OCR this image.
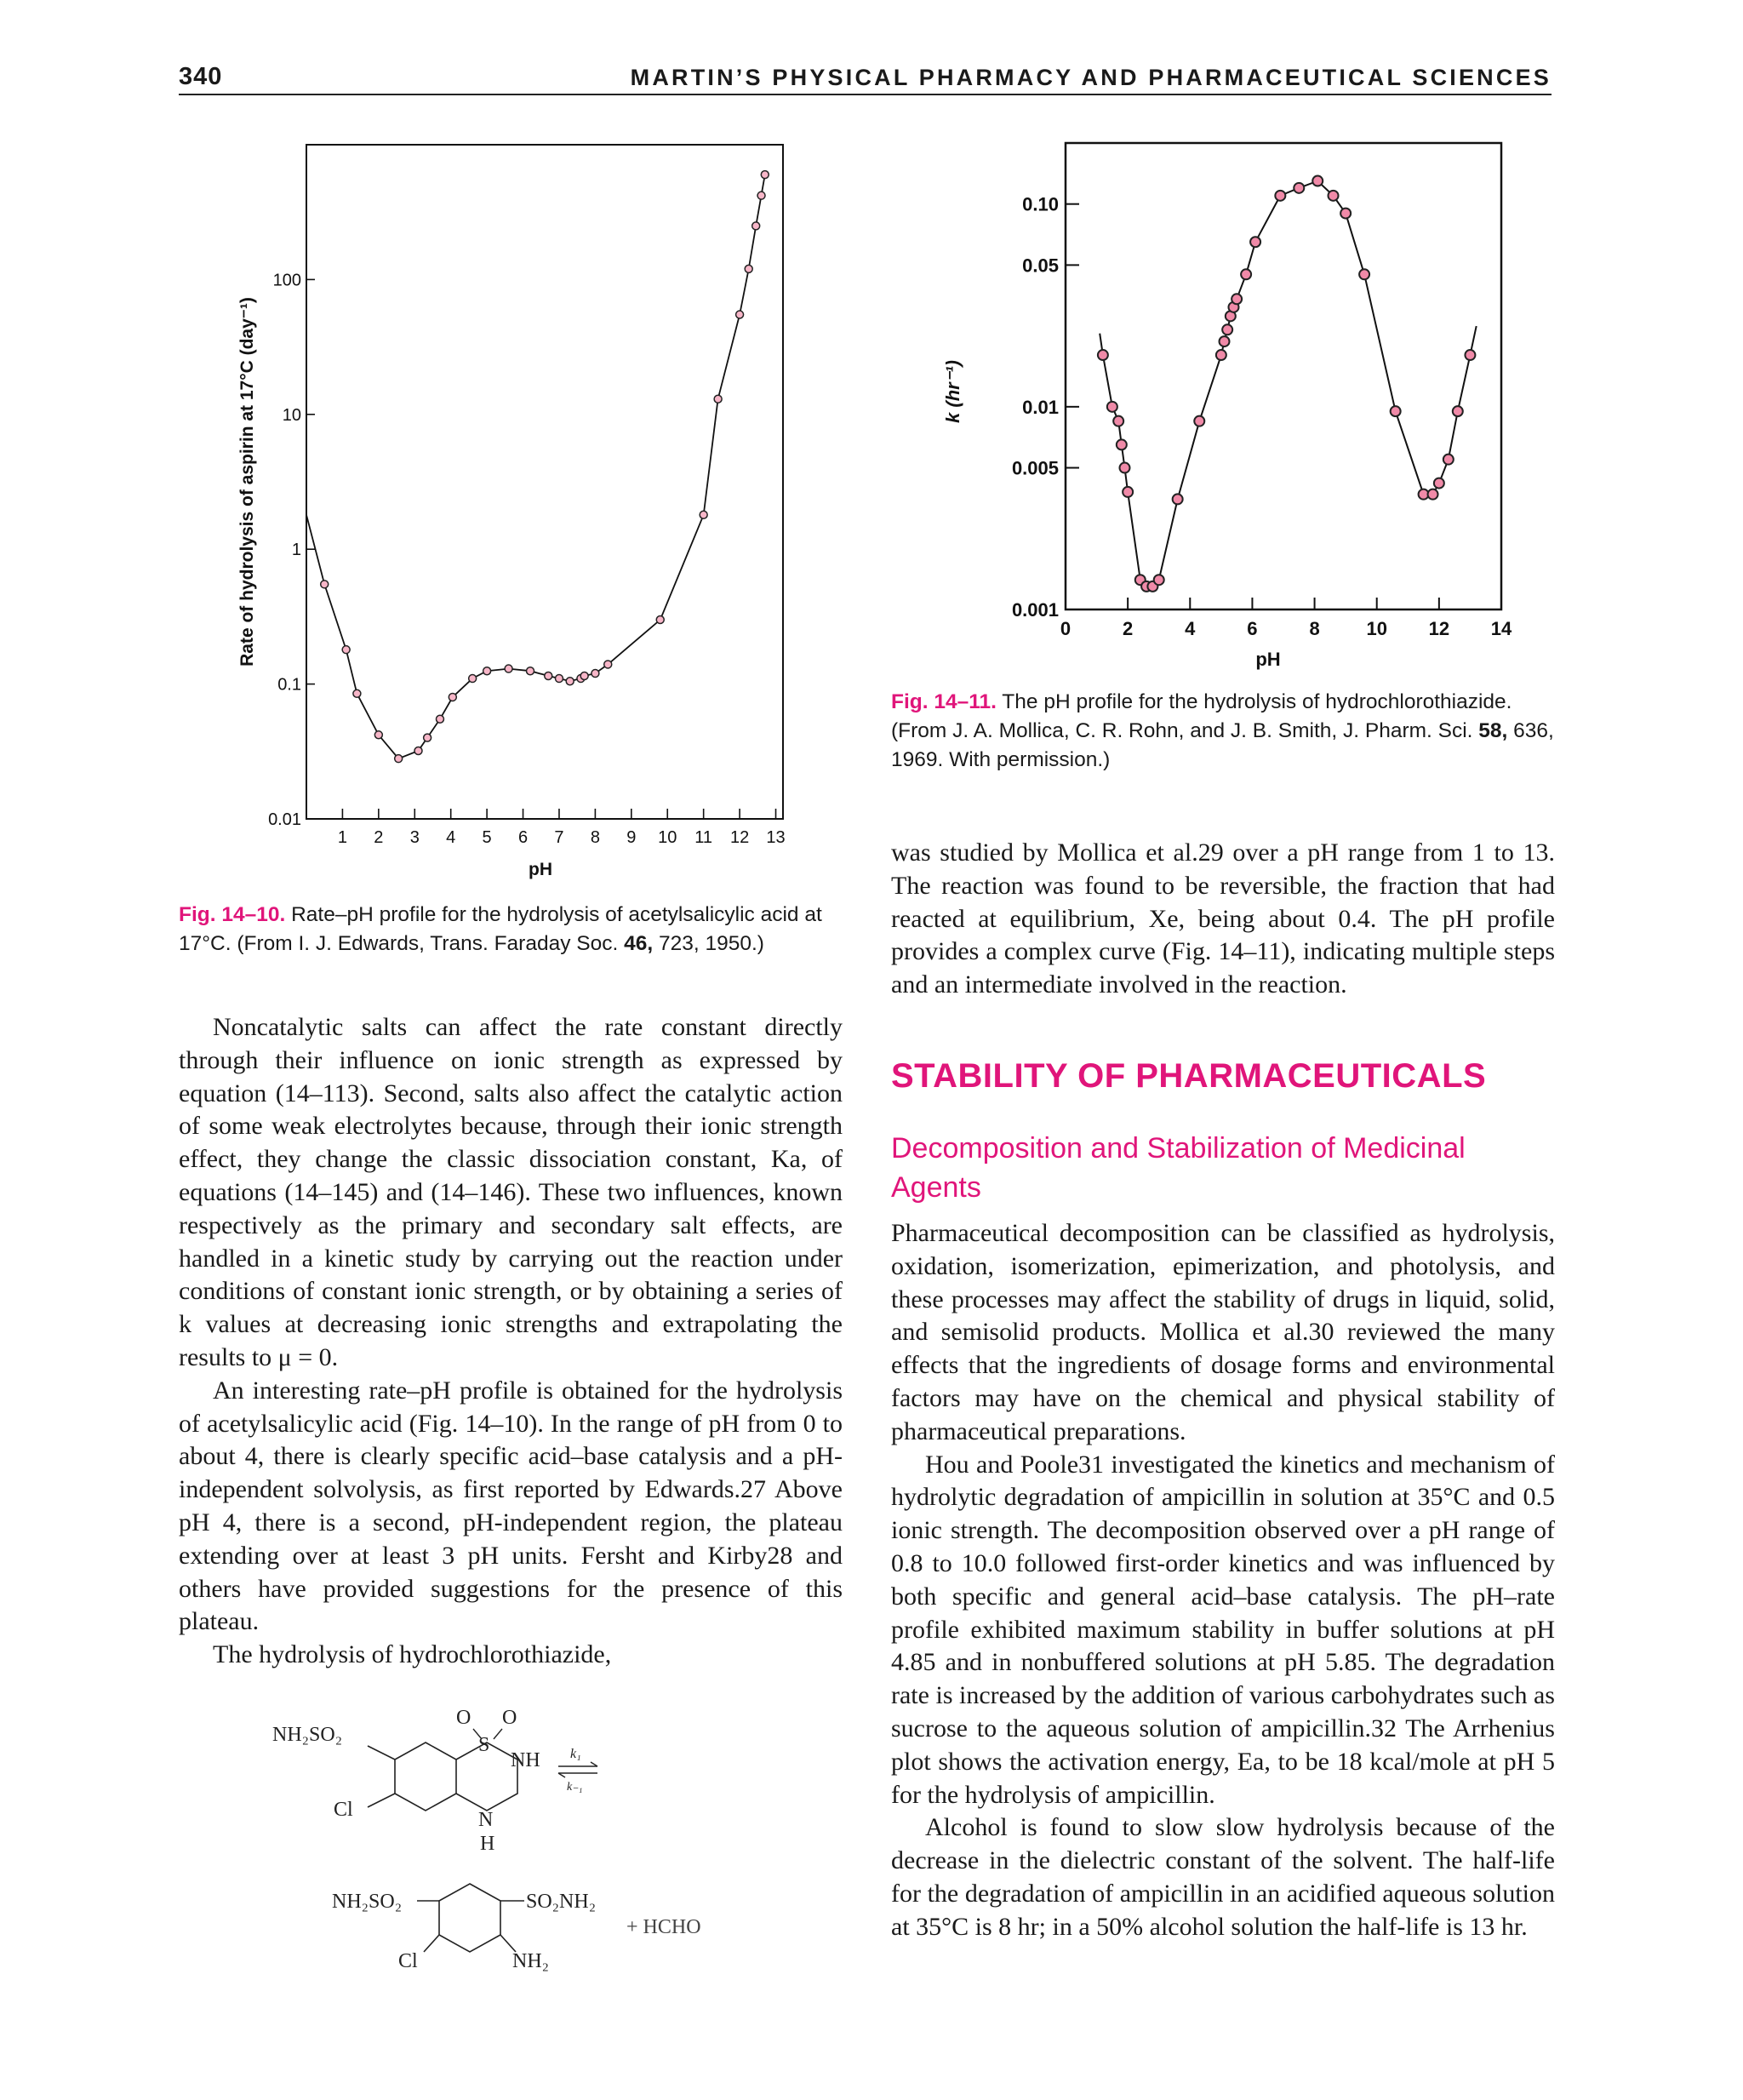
340	MARTIN’S PHYSICAL PHARMACY AND PHARMACEUTICAL SCIENCES
100
10
1
0.1
0.01
1 2 3 4 5 6 7 8 9 10 11 12 13
Rate of hydrolysis of aspirin at 17°C (day⁻¹)
pH
Fig. 14–10. Rate–pH profile for the hydrolysis of acetylsalicylic acid at 17°C. (From I. J. Edwards, Trans. Faraday Soc. 46, 723, 1950.)
0.10
0.05
0.01
0.005
0.001
0	2	4	6	8 10 12 14
k (hr⁻¹)
pH
Fig. 14–11. The pH profile for the hydrolysis of hydrochlorothiazide. (From J. A. Mollica, C. R. Rohn, and J. B. Smith, J. Pharm. Sci. 58, 636, 1969. With permission.)

Noncatalytic salts can affect the rate constant directly through their influence on ionic strength as expressed by equation (14–113). Second, salts also affect the catalytic action of some weak electrolytes because, through their ionic strength effect, they change the classic dissociation constant, Ka, of equations (14–145) and (14–146). These two influences, known respectively as the primary and secondary salt effects, are handled in a kinetic study by carrying out the reaction under conditions of constant ionic strength, or by obtaining a series of k values at decreasing ionic strengths and extrapolating the results to μ = 0.

An interesting rate–pH profile is obtained for the hydrolysis of acetylsalicylic acid (Fig. 14–10). In the range of pH from 0 to about 4, there is clearly specific acid–base catalysis and a pH-independent solvolysis, as first reported by Edwards.27 Above pH 4, there is a second, pH-independent region, the plateau extending over at least 3 pH units. Fersht and Kirby28 and others have provided suggestions for the presence of this plateau.

The hydrolysis of hydrochlorothiazide,

O O
S
NH
N
H
NH₂SO₂
Cl
k₁
k₋₁
NH₂SO₂	SO₂NH₂
Cl	NH₂
+ HCHO

was studied by Mollica et al.29 over a pH range from 1 to 13. The reaction was found to be reversible, the fraction that had reacted at equilibrium, Xe, being about 0.4. The pH profile provides a complex curve (Fig. 14–11), indicating multiple steps and an intermediate involved in the reaction.

STABILITY OF PHARMACEUTICALS
Decomposition and Stabilization of Medicinal Agents

Pharmaceutical decomposition can be classified as hydrolysis, oxidation, isomerization, epimerization, and photolysis, and these processes may affect the stability of drugs in liquid, solid, and semisolid products. Mollica et al.30 reviewed the many effects that the ingredients of dosage forms and environmental factors may have on the chemical and physical stability of pharmaceutical preparations.

Hou and Poole31 investigated the kinetics and mechanism of hydrolytic degradation of ampicillin in solution at 35°C and 0.5 ionic strength. The decomposition observed over a pH range of 0.8 to 10.0 followed first-order kinetics and was influenced by both specific and general acid–base catalysis. The pH–rate profile exhibited maximum stability in buffer solutions at pH 4.85 and in nonbuffered solutions at pH 5.85. The degradation rate is increased by the addition of various carbohydrates such as sucrose to the aqueous solution of ampicillin.32 The Arrhenius plot shows the activation energy, Ea, to be 18 kcal/mole at pH 5 for the hydrolysis of ampicillin.

Alcohol is found to slow slow hydrolysis because of the decrease in the dielectric constant of the solvent. The half-life for the degradation of ampicillin in an acidified aqueous solution at 35°C is 8 hr; in a 50% alcohol solution the half-life is 13 hr.
